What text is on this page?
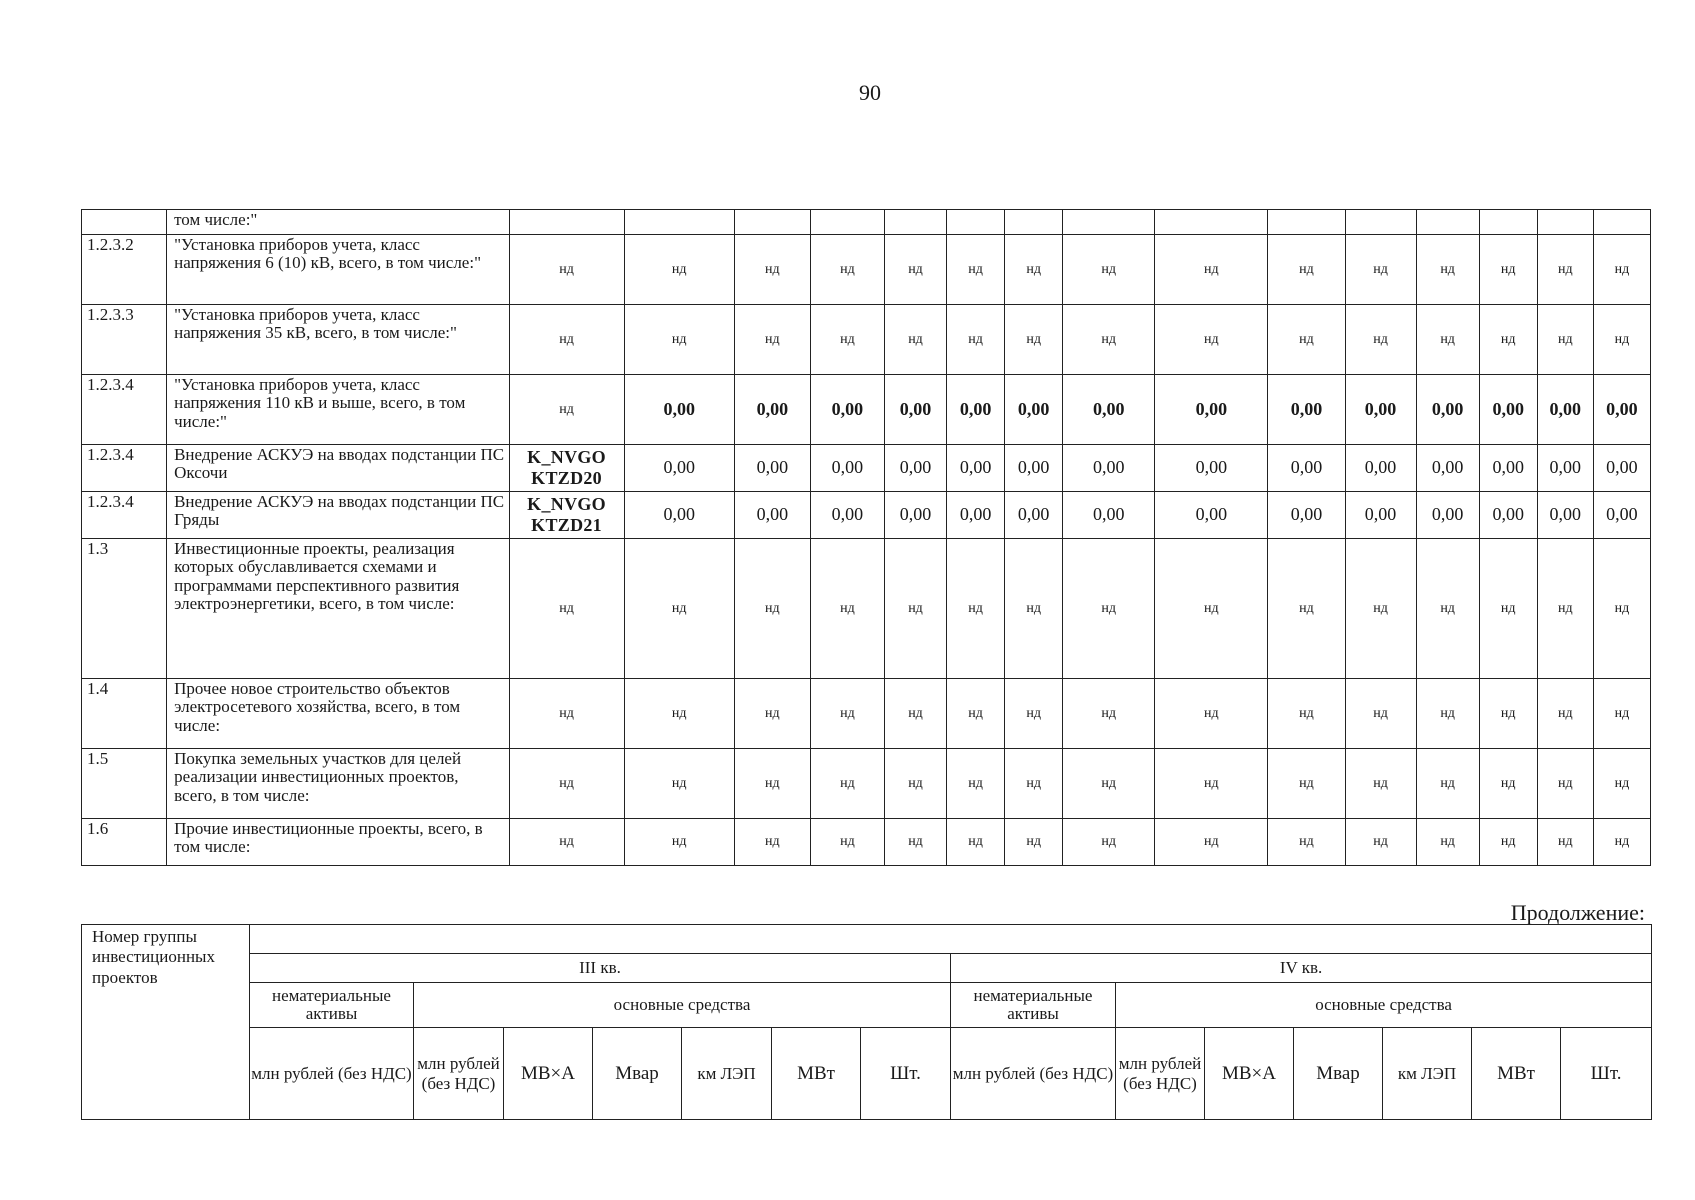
90
	том числе:"															
1.2.3.2	"Установка приборов учета, класс напряжения 6 (10) кВ, всего, в том числе:"	нд	нд	нд	нд	нд	нд	нд	нд	нд	нд	нд	нд	нд	нд	нд
1.2.3.3	"Установка приборов учета, класс напряжения 35 кВ, всего, в том числе:"	нд	нд	нд	нд	нд	нд	нд	нд	нд	нд	нд	нд	нд	нд	нд
1.2.3.4	"Установка приборов учета, класс напряжения 110 кВ и выше, всего, в том числе:"	нд	0,00	0,00	0,00	0,00	0,00	0,00	0,00	0,00	0,00	0,00	0,00	0,00	0,00	0,00
1.2.3.4	Внедрение АСКУЭ на вводах подстанции ПС Оксочи	K_NVGO KTZD20	0,00	0,00	0,00	0,00	0,00	0,00	0,00	0,00	0,00	0,00	0,00	0,00	0,00	0,00
1.2.3.4	Внедрение АСКУЭ на вводах подстанции ПС Гряды	K_NVGO KTZD21	0,00	0,00	0,00	0,00	0,00	0,00	0,00	0,00	0,00	0,00	0,00	0,00	0,00	0,00
1.3	Инвестиционные проекты, реализация которых обуславливается схемами и программами перспективного развития электроэнергетики, всего, в том числе:	нд	нд	нд	нд	нд	нд	нд	нд	нд	нд	нд	нд	нд	нд	нд
1.4	Прочее новое строительство объектов электросетевого хозяйства, всего, в том числе:	нд	нд	нд	нд	нд	нд	нд	нд	нд	нд	нд	нд	нд	нд	нд
1.5	Покупка земельных участков для целей реализации инвестиционных проектов, всего, в том числе:	нд	нд	нд	нд	нд	нд	нд	нд	нд	нд	нд	нд	нд	нд	нд
1.6	Прочие инвестиционные проекты, всего, в том числе:	нд	нд	нд	нд	нд	нд	нд	нд	нд	нд	нд	нд	нд	нд	нд
Продолжение:
Номер группы инвестиционных проектов														
	III кв.							IV кв.						
	нематериальные активы	основные средства						нематериальные активы	основные средства					
	млн рублей (без НДС)	млн рублей (без НДС)	МВ×А	Мвар	км ЛЭП	МВт	Шт.	млн рублей (без НДС)	млн рублей (без НДС)	МВ×А	Мвар	км ЛЭП	МВт	Шт.
